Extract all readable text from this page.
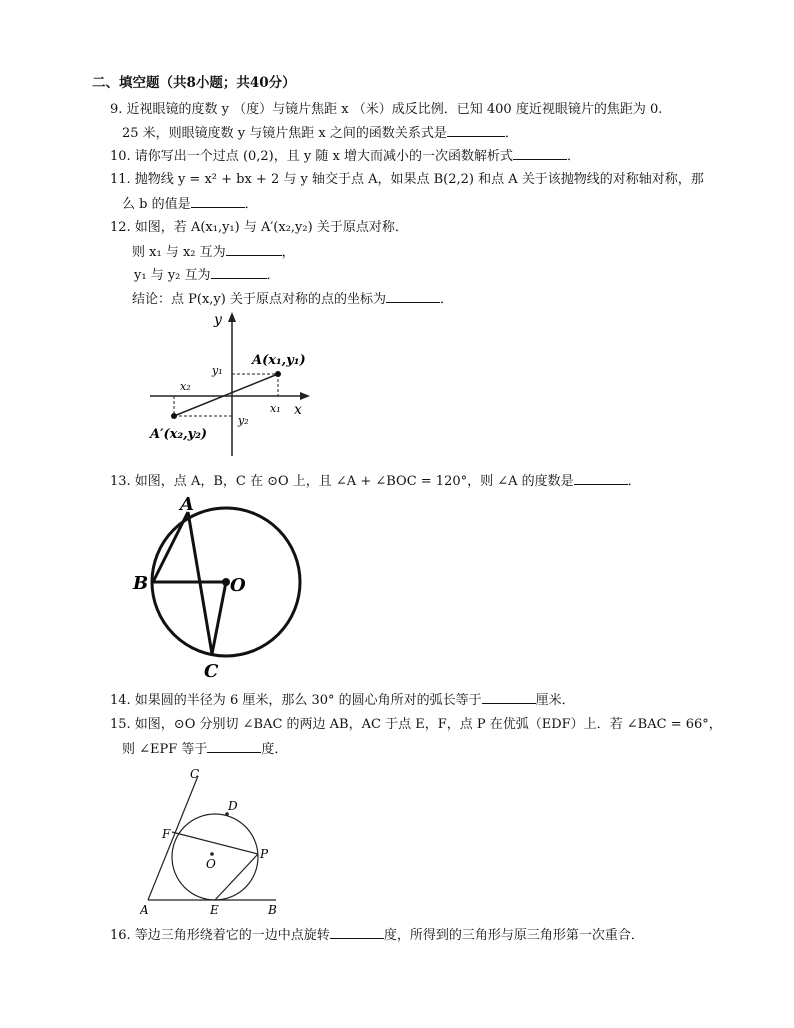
二、填空题（共8小题；共40分）
9. 近视眼镜的度数 y （度）与镜片焦距 x （米）成反比例．已知 400 度近视眼镜片的焦距为 0.
25 米，则眼镜度数 y 与镜片焦距 x 之间的函数关系式是	．
10. 请你写出一个过点 (0,2)，且 y 随 x 增大而减小的一次函数解析式	．
11. 抛物线 y = x² + bx + 2 与 y 轴交于点 A，如果点 B(2,2) 和点 A 关于该抛物线的对称轴对称，那
么 b 的值是	．
12. 如图，若 A(x₁,y₁) 与 A′(x₂,y₂) 关于原点对称．
则 x₁ 与 x₂ 互为	，
y₁ 与 y₂ 互为	．
结论：点 P(x,y) 关于原点对称的点的坐标为	．
y
x
A(x₁,y₁)
A′(x₂,y₂)
x₁
x₂
y₁
y₂
13. 如图，点 A，B，C 在 ⊙O 上，且 ∠A + ∠BOC = 120°，则 ∠A 的度数是	．
A
B
C
O
14. 如果圆的半径为 6 厘米，那么 30° 的圆心角所对的弧长等于	厘米．
15. 如图，⊙O 分别切 ∠BAC 的两边 AB，AC 于点 E，F，点 P 在优弧（EDF）上．若 ∠BAC = 66°，
则 ∠EPF 等于	度．
A	B
C
D
E
F
P
O
16. 等边三角形绕着它的一边中点旋转	度，所得到的三角形与原三角形第一次重合．
